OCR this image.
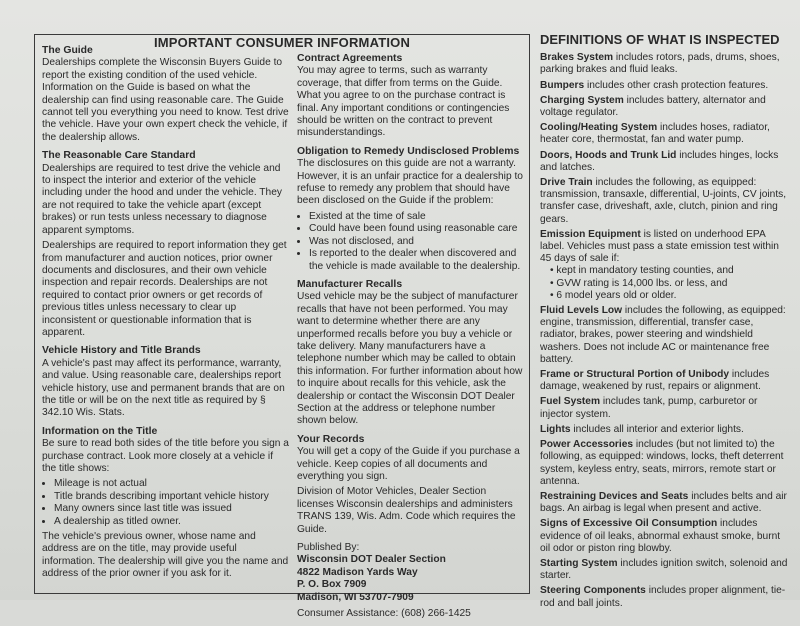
IMPORTANT CONSUMER INFORMATION

The Guide

Dealerships complete the Wisconsin Buyers Guide to report the existing condition of the used vehicle. Information on the Guide is based on what the dealership can find using reasonable care. The Guide cannot tell you everything you need to know. Test drive the vehicle. Have your own expert check the vehicle, if the dealership allows.

The Reasonable Care Standard

Dealerships are required to test drive the vehicle and to inspect the interior and exterior of the vehicle including under the hood and under the vehicle. They are not required to take the vehicle apart (except brakes) or run tests unless necessary to diagnose apparent symptoms.

Dealerships are required to report information they get from manufacturer and auction notices, prior owner documents and disclosures, and their own vehicle inspection and repair records. Dealerships are not required to contact prior owners or get records of previous titles unless necessary to clear up inconsistent or questionable information that is apparent.

Vehicle History and Title Brands

A vehicle's past may affect its performance, warranty, and value. Using reasonable care, dealerships report vehicle history, use and permanent brands that are on the title or will be on the next title as required by § 342.10 Wis. Stats.

Information on the Title

Be sure to read both sides of the title before you sign a purchase contract. Look more closely at a vehicle if the title shows:

• Mileage is not actual
• Title brands describing important vehicle history
• Many owners since last title was issued
• A dealership as titled owner.

The vehicle's previous owner, whose name and address are on the title, may provide useful information. The dealership will give you the name and address of the prior owner if you ask for it.

Contract Agreements

You may agree to terms, such as warranty coverage, that differ from terms on the Guide. What you agree to on the purchase contract is final. Any important conditions or contingencies should be written on the contract to prevent misunderstandings.

Obligation to Remedy Undisclosed Problems

The disclosures on this guide are not a warranty. However, it is an unfair practice for a dealership to refuse to remedy any problem that should have been disclosed on the Guide if the problem:

• Existed at the time of sale
• Could have been found using reasonable care
• Was not disclosed, and
• Is reported to the dealer when discovered and the vehicle is made available to the dealership.

Manufacturer Recalls

Used vehicle may be the subject of manufacturer recalls that have not been performed. You may want to determine whether there are any unperformed recalls before you buy a vehicle or take delivery. Many manufacturers have a telephone number which may be called to obtain this information. For further information about how to inquire about recalls for this vehicle, ask the dealership or contact the Wisconsin DOT Dealer Section at the address or telephone number shown below.

Your Records

You will get a copy of the Guide if you purchase a vehicle. Keep copies of all documents and everything you sign.

Division of Motor Vehicles, Dealer Section licenses Wisconsin dealerships and administers TRANS 139, Wis. Adm. Code which requires the Guide.

Published By:

Wisconsin DOT Dealer Section

4822 Madison Yards Way

P. O. Box 7909

Madison, WI 53707-7909

Consumer Assistance: (608) 266-1425

DEFINITIONS OF WHAT IS INSPECTED

Brakes System includes rotors, pads, drums, shoes, parking brakes and fluid leaks.

Bumpers includes other crash protection features.

Charging System includes battery, alternator and voltage regulator.

Cooling/Heating System includes hoses, radiator, heater core, thermostat, fan and water pump.

Doors, Hoods and Trunk Lid includes hinges, locks and latches.

Drive Train includes the following, as equipped: transmission, transaxle, differential, U-joints, CV joints, transfer case, driveshaft, axle, clutch, pinion and ring gears.

Emission Equipment is listed on underhood EPA label. Vehicles must pass a state emission test within 45 days of sale if:

• kept in mandatory testing counties, and

• GVW rating is 14,000 lbs. or less, and

• 6 model years old or older.

Fluid Levels Low includes the following, as equipped: engine, transmission, differential, transfer case, radiator, brakes, power steering and windshield washers. Does not include AC or maintenance free battery.

Frame or Structural Portion of Unibody includes damage, weakened by rust, repairs or alignment.

Fuel System includes tank, pump, carburetor or injector system.

Lights includes all interior and exterior lights.

Power Accessories includes (but not limited to) the following, as equipped: windows, locks, theft deterrent system, keyless entry, seats, mirrors, remote start or antenna.

Restraining Devices and Seats includes belts and air bags. An airbag is legal when present and active.

Signs of Excessive Oil Consumption includes evidence of oil leaks, abnormal exhaust smoke, burnt oil odor or piston ring blowby.

Starting System includes ignition switch, solenoid and starter.

Steering Components includes proper alignment, tie-rod and ball joints.
